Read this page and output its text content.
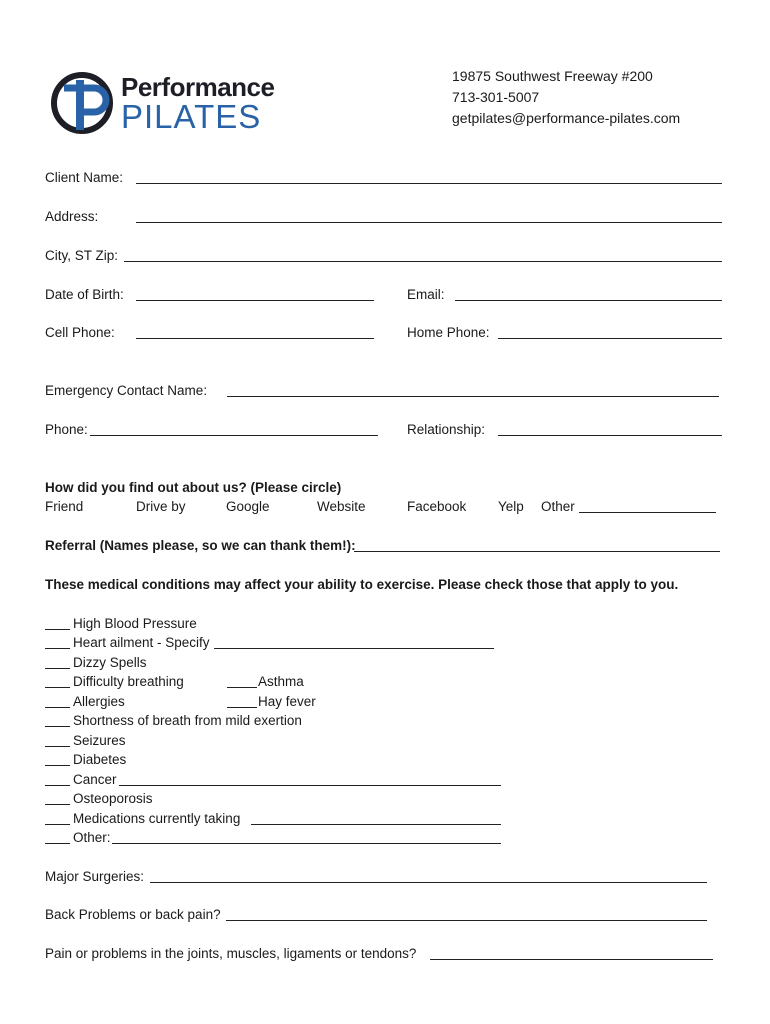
Performance
PILATES
19875 Southwest Freeway #200
713-301-5007
getpilates@performance-pilates.com
Client Name:
Address:
City, ST Zip:
Date of Birth:	Email:
Cell Phone:	Home Phone:
Emergency Contact Name:
Phone:	Relationship:
How did you find out about us? (Please circle)
Friend	Drive by	Google	Website	Facebook Yelp Other
Referral (Names please, so we can thank them!):
These medical conditions may affect your ability to exercise. Please check those that apply to you.
High Blood Pressure
Heart ailment - Specify
Dizzy Spells
Difficulty breathing	Asthma
Allergies	Hay fever
Shortness of breath from mild exertion
Seizures
Diabetes
Cancer
Osteoporosis
Medications currently taking
Other:
Major Surgeries:
Back Problems or back pain?
Pain or problems in the joints, muscles, ligaments or tendons?
